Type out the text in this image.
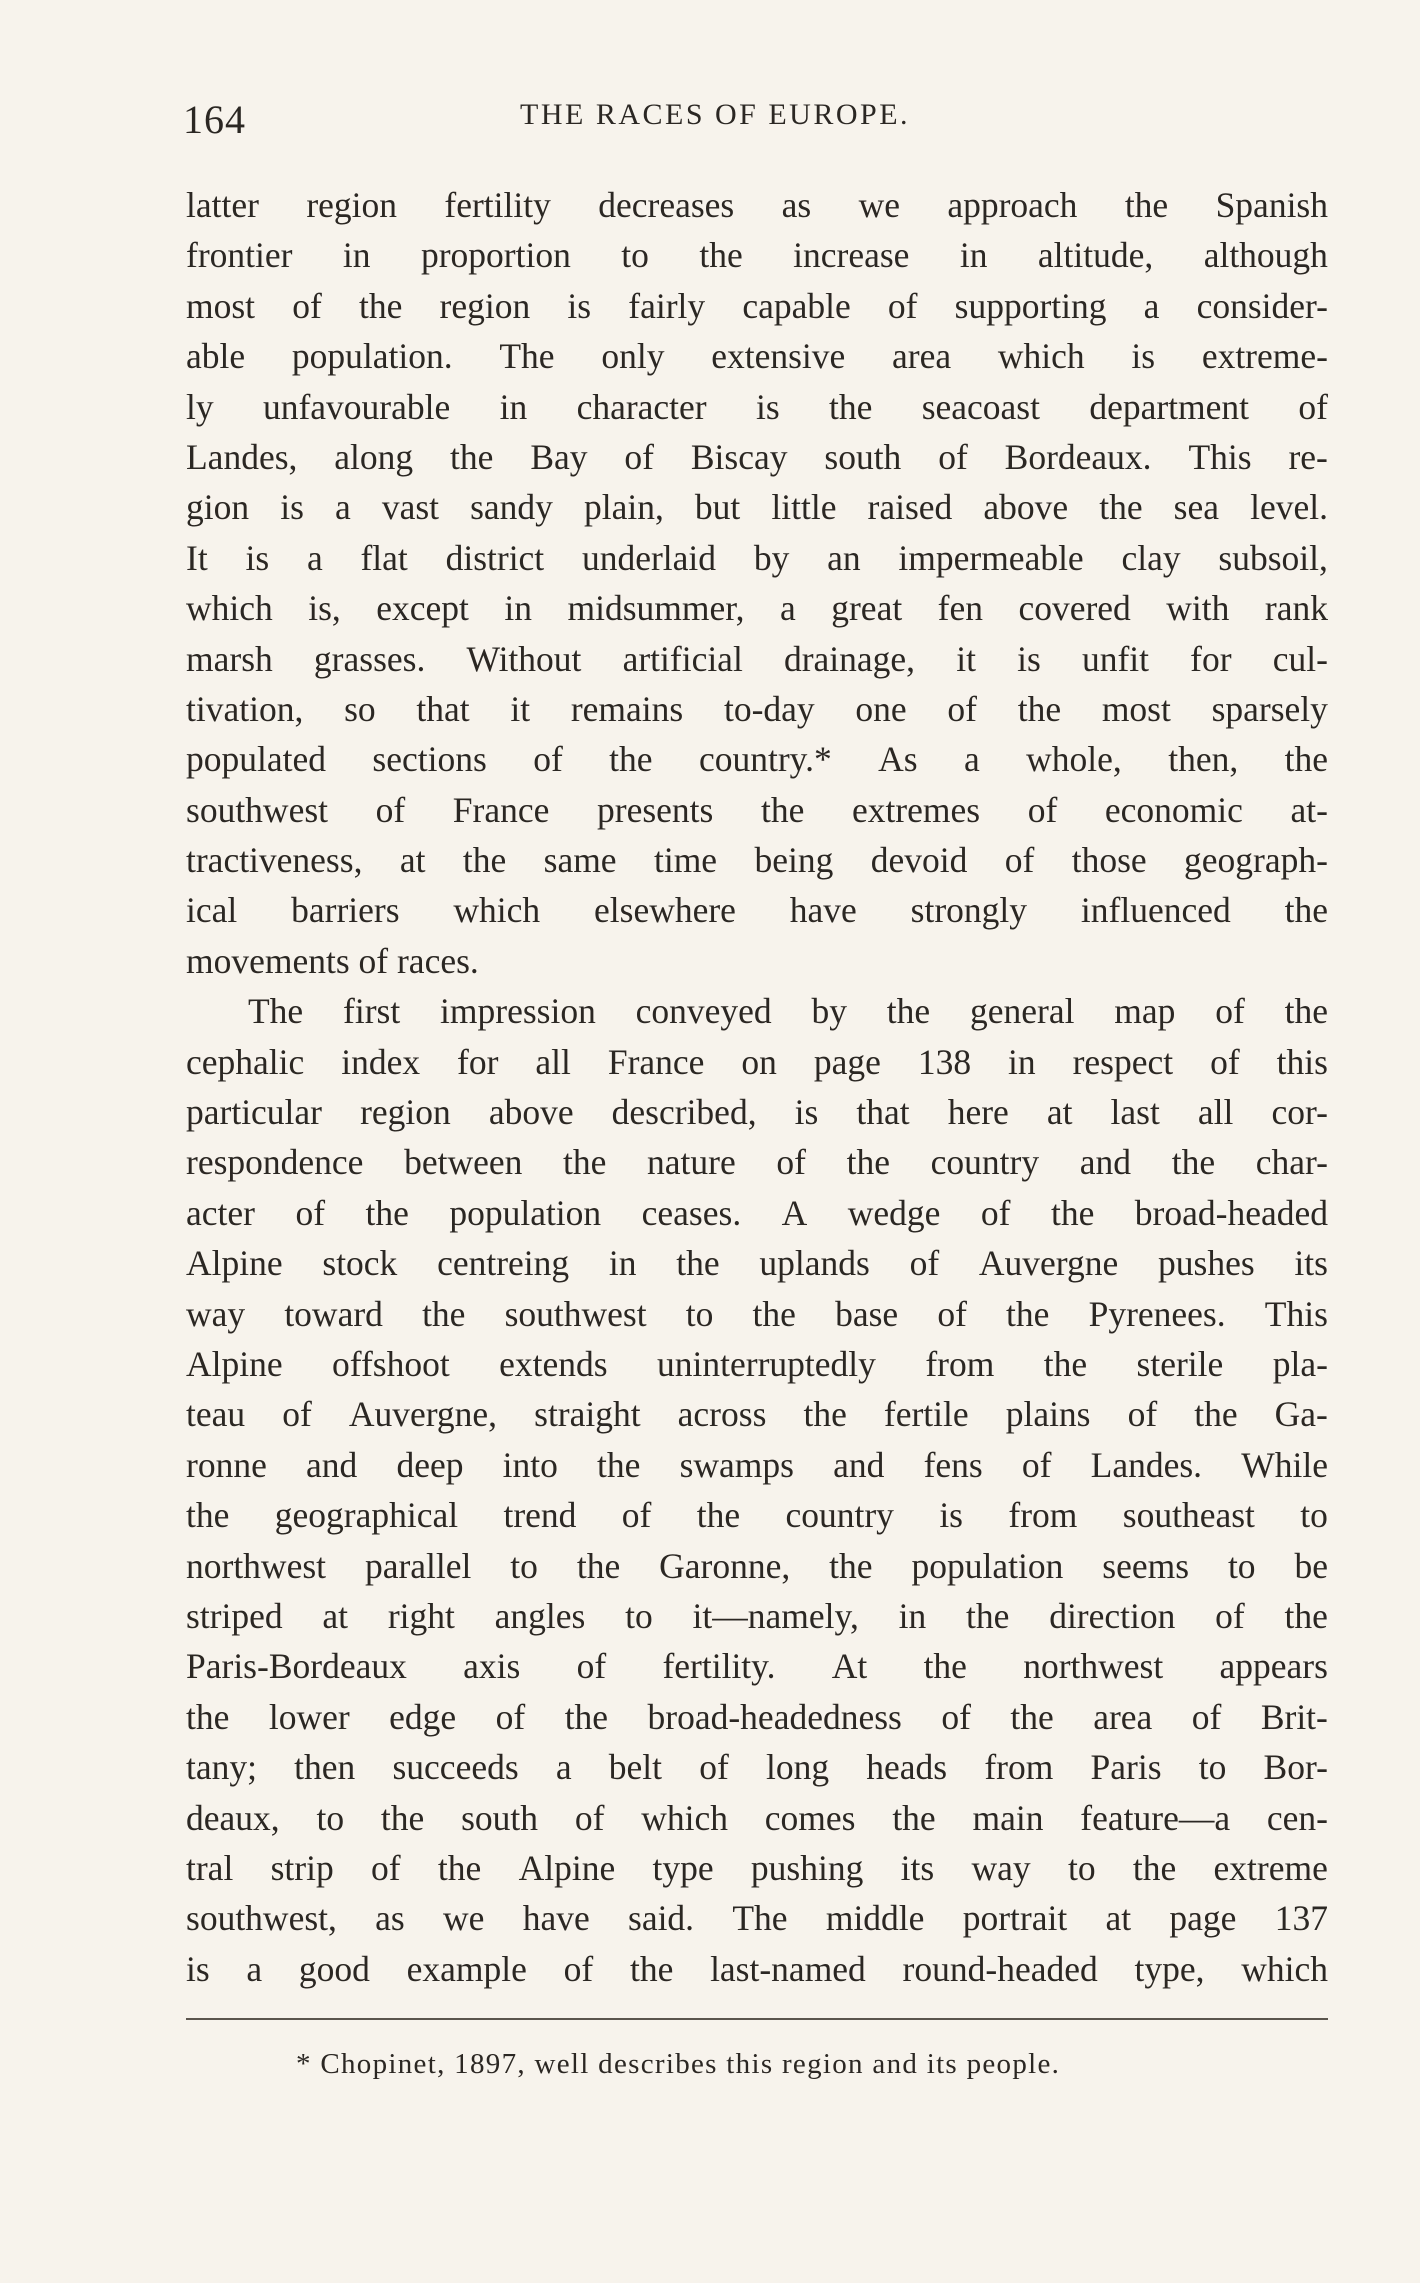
164	THE RACES OF EUROPE.
latter region fertility decreases as we approach the Spanish
frontier in proportion to the increase in altitude, although
most of the region is fairly capable of supporting a consider-
able population. The only extensive area which is extreme-
ly unfavourable in character is the seacoast department of
Landes, along the Bay of Biscay south of Bordeaux. This re-
gion is a vast sandy plain, but little raised above the sea level.
It is a flat district underlaid by an impermeable clay subsoil,
which is, except in midsummer, a great fen covered with rank
marsh grasses. Without artificial drainage, it is unfit for cul-
tivation, so that it remains to-day one of the most sparsely
populated sections of the country.* As a whole, then, the
southwest of France presents the extremes of economic at-
tractiveness, at the same time being devoid of those geograph-
ical barriers which elsewhere have strongly influenced the
movements of races.
The first impression conveyed by the general map of the
cephalic index for all France on page 138 in respect of this
particular region above described, is that here at last all cor-
respondence between the nature of the country and the char-
acter of the population ceases. A wedge of the broad-headed
Alpine stock centreing in the uplands of Auvergne pushes its
way toward the southwest to the base of the Pyrenees. This
Alpine offshoot extends uninterruptedly from the sterile pla-
teau of Auvergne, straight across the fertile plains of the Ga-
ronne and deep into the swamps and fens of Landes. While
the geographical trend of the country is from southeast to
northwest parallel to the Garonne, the population seems to be
striped at right angles to it—namely, in the direction of the
Paris-Bordeaux axis of fertility. At the northwest appears
the lower edge of the broad-headedness of the area of Brit-
tany; then succeeds a belt of long heads from Paris to Bor-
deaux, to the south of which comes the main feature—a cen-
tral strip of the Alpine type pushing its way to the extreme
southwest, as we have said. The middle portrait at page 137
is a good example of the last-named round-headed type, which
* Chopinet, 1897, well describes this region and its people.
